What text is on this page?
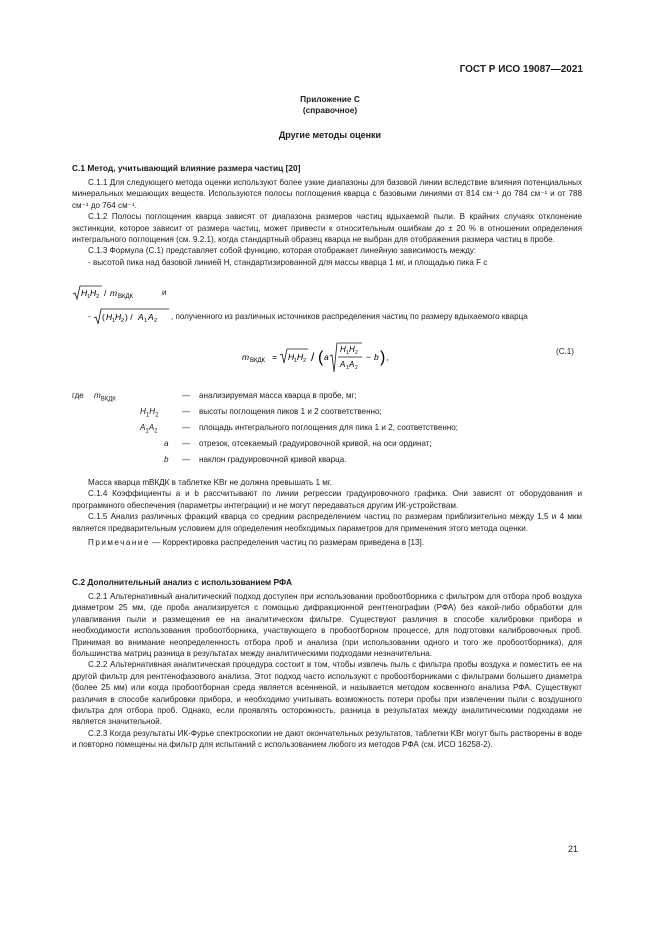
ГОСТ Р ИСО 19087—2021
Приложение С
(справочное)
Другие методы оценки
С.1 Метод, учитывающий влияние размера частиц [20]

С.1.1 Для следующего метода оценки используют более узкие диапазоны для базовой линии вследствие влияния потенциальных минеральных мешающих веществ. Используются полосы поглощения кварца с базовыми линиями от 814 см⁻¹ до 784 см⁻¹ и от 788 см⁻¹ до 764 см⁻¹.

С.1.2 Полосы поглощения кварца зависят от диапазона размеров частиц вдыхаемой пыли. В крайних случаях отклонение экстинкции, которое зависит от размера частиц, может привести к относительным ошибкам до ± 20 % в отношении определения интегрального поглощения (см. 9.2.1), когда стандартный образец кварца не выбран для отображения размера частиц в пробе.

С.1.3 Формула (С.1) представляет собой функцию, которая отображает линейную зависимость между:

- высотой пика над базовой линией H, стандартизированной для массы кварца 1 мг, и площадью пика F с

H 1 H 2 / m ВКДК	и
- ( H 1 H 2 ) / A 1 A 2 , полученного из различных источников распределения частиц по размеру вдыхаемого кварца
m ВКДК = H 1 H 2 / ( a
H 1 H 2
A 1 A 2
− b ) ,
(С.1)
где $m_{ВКДК}$	— анализируемая масса кварца в пробе, мг;
$H_1H_2$	— высоты поглощения пиков 1 и 2 соответственно;
$A_1A_2$	— площадь интегрального поглощения для пика 1 и 2, соответственно;
a — отрезок, отсекаемый градуировочной кривой, на оси ординат;
b — наклон градуировочной кривой кварца.

Масса кварца mВКДК в таблетке KBr не должна превышать 1 мг.

С.1.4 Коэффициенты a и b рассчитывают по линии регрессии градуировочного графика. Они зависят от оборудования и программного обеспечения (параметры интеграции) и не могут передаваться другим ИК-устройствам.

С.1.5 Анализ различных фракций кварца со средним распределением частиц по размерам приблизительно между 1,5 и 4 мкм является предварительным условием для определения необходимых параметров для применения этого метода оценки.

Примечание — Корректировка распределения частиц по размерам приведена в [13].

С.2 Дополнительный анализ с использованием РФА

С.2.1 Альтернативный аналитический подход доступен при использовании пробоотборника с фильтром для отбора проб воздуха диаметром 25 мм, где проба анализируется с помощью дифракционной рентгенографии (РФА) без какой-либо обработки для улавливания пыли и размещения ее на аналитическом фильтре. Существуют различия в способе калибровки прибора и необходимости использования пробоотборника, участвующего в пробоотборном процессе, для подготовки калибровочных проб. Принимая во внимание неопределенность отбора проб и анализа (при использовании одного и того же пробоотборника), для большинства матриц разница в результатах между аналитическими подходами незначительна.

С.2.2 Альтернативная аналитическая процедура состоит в том, чтобы извлечь пыль с фильтра пробы воздуха и поместить ее на другой фильтр для рентгенофазового анализа. Этот подход часто используют с пробоотборниками с фильтрами большего диаметра (более 25 мм) или когда пробоотборная среда является всенненой, и называется методом косвенного анализа РФА. Существуют различия в способе калибровки прибора, и необходимо учитывать возможность потери пробы при извлечении пыли с воздушного фильтра для отбора проб. Однако, если проявлять осторожность, разница в результатах между аналитическими подходами не является значительной.

С.2.3 Когда результаты ИК-Фурье спектроскопии не дают окончательных результатов, таблетки KBr могут быть растворены в воде и повторно помещены на фильтр для испытаний с использованием любого из методов РФА (см. ИСО 16258-2).

21
